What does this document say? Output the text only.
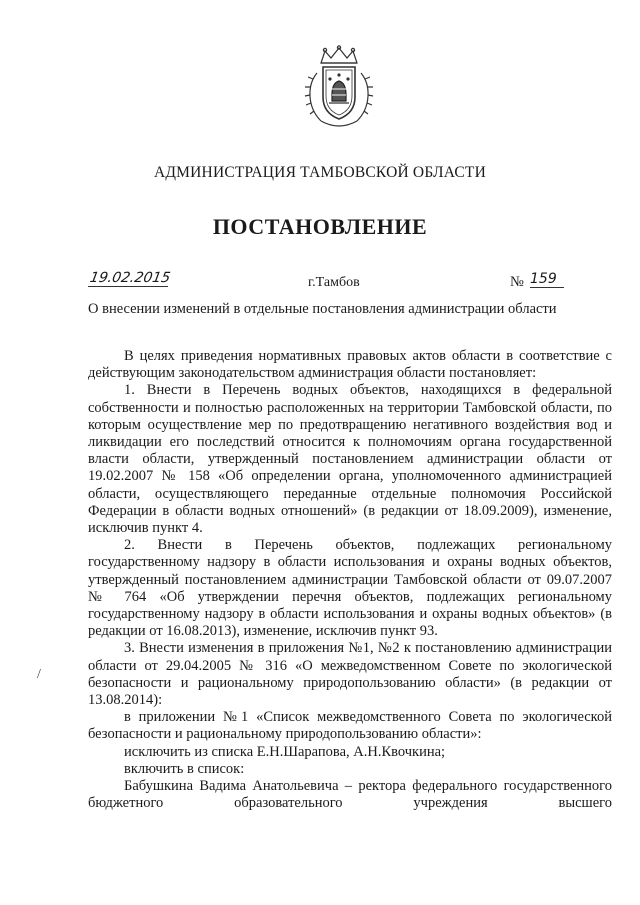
АДМИНИСТРАЦИЯ ТАМБОВСКОЙ ОБЛАСТИ
ПОСТАНОВЛЕНИЕ
19.02.2015	г.Тамбов	№ 159
О внесении изменений в отдельные постановления администрации области

В целях приведения нормативных правовых актов области в соответствие с действующим законодательством администрация области постановляет:

1. Внести в Перечень водных объектов, находящихся в федеральной собственности и полностью расположенных на территории Тамбовской области, по которым осуществление мер по предотвращению негативного воздействия вод и ликвидации его последствий относится к полномочиям органа государственной власти области, утвержденный постановлением администрации области от 19.02.2007 № 158 «Об определении органа, уполномоченного администрацией области, осуществляющего переданные отдельные полномочия Российской Федерации в области водных отношений» (в редакции от 18.09.2009), изменение, исключив пункт 4.

2. Внести в Перечень объектов, подлежащих региональному государственному надзору в области использования и охраны водных объектов, утвержденный постановлением администрации Тамбовской области от 09.07.2007 № 764 «Об утверждении перечня объектов, подлежащих региональному государственному надзору в области использования и охраны водных объектов» (в редакции от 16.08.2013), изменение, исключив пункт 93.

3. Внести изменения в приложения №1, №2 к постановлению администрации области от 29.04.2005 № 316 «О межведомственном Совете по экологической безопасности и рациональному природопользованию области» (в редакции от 13.08.2014):

в приложении №1 «Список межведомственного Совета по экологической безопасности и рациональному природопользованию области»:

исключить из списка Е.Н.Шарапова, А.Н.Квочкина;

включить в список:

Бабушкина Вадима Анатольевича – ректора федерального государственного бюджетного образовательного учреждения высшего

/
